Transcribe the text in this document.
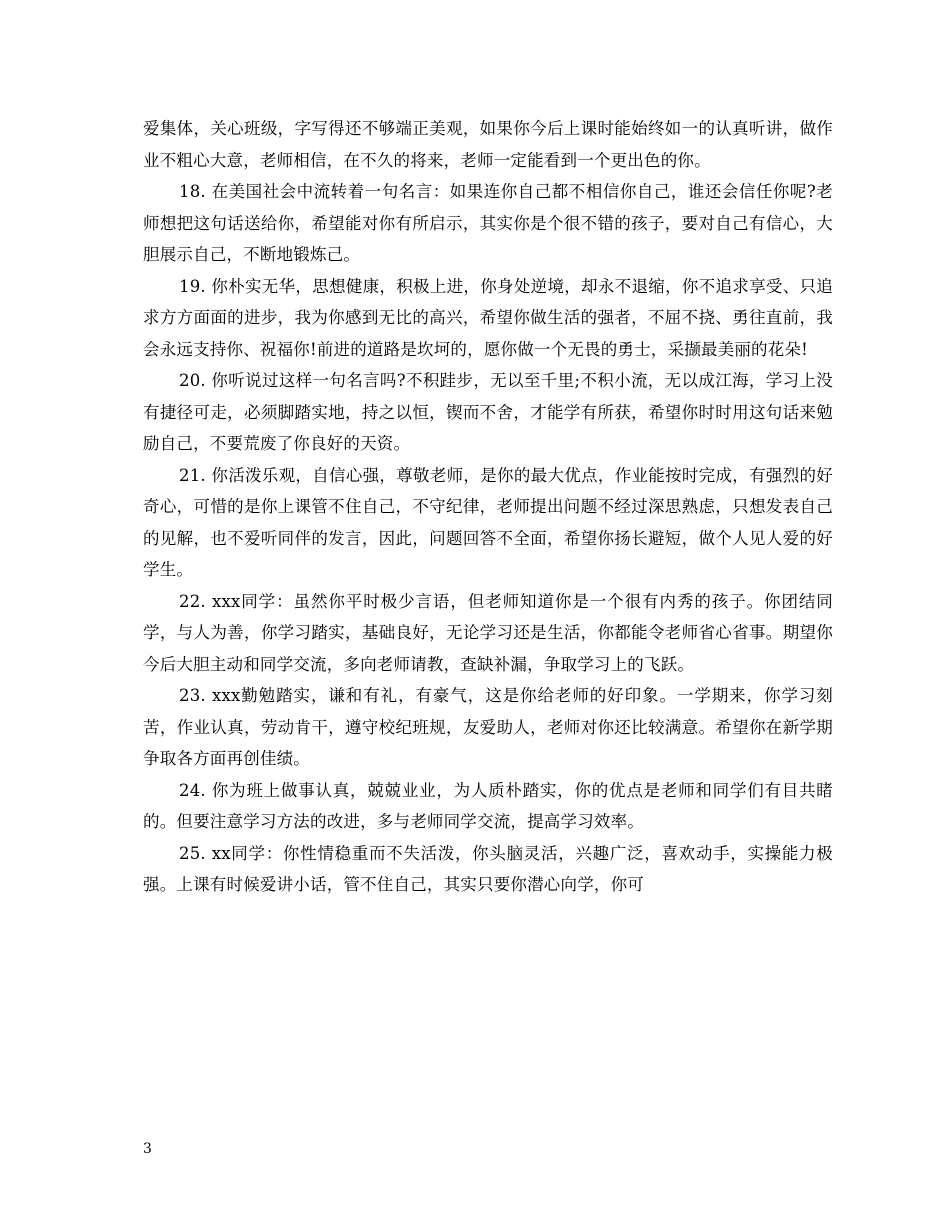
爱集体，关心班级，字写得还不够端正美观，如果你今后上课时能始终如一的认真听讲，做作业不粗心大意，老师相信，在不久的将来，老师一定能看到一个更出色的你。

18. 在美国社会中流转着一句名言：如果连你自己都不相信你自己，谁还会信任你呢?老师想把这句话送给你，希望能对你有所启示，其实你是个很不错的孩子，要对自己有信心，大胆展示自己，不断地锻炼己。

19. 你朴实无华，思想健康，积极上进，你身处逆境，却永不退缩，你不追求享受、只追求方方面面的进步，我为你感到无比的高兴，希望你做生活的强者，不屈不挠、勇往直前，我会永远支持你、祝福你!前进的道路是坎坷的，愿你做一个无畏的勇士，采撷最美丽的花朵!

20. 你听说过这样一句名言吗?不积跬步，无以至千里;不积小流，无以成江海，学习上没有捷径可走，必须脚踏实地，持之以恒，锲而不舍，才能学有所获，希望你时时用这句话来勉励自己，不要荒废了你良好的天资。

21. 你活泼乐观，自信心强，尊敬老师，是你的最大优点，作业能按时完成，有强烈的好奇心，可惜的是你上课管不住自己，不守纪律，老师提出问题不经过深思熟虑，只想发表自己的见解，也不爱听同伴的发言，因此，问题回答不全面，希望你扬长避短，做个人见人爱的好学生。

22. xxx同学：虽然你平时极少言语，但老师知道你是一个很有内秀的孩子。你团结同学，与人为善，你学习踏实，基础良好，无论学习还是生活，你都能令老师省心省事。期望你今后大胆主动和同学交流，多向老师请教，查缺补漏，争取学习上的飞跃。

23. xxx勤勉踏实，谦和有礼，有豪气，这是你给老师的好印象。一学期来，你学习刻苦，作业认真，劳动肯干，遵守校纪班规，友爱助人，老师对你还比较满意。希望你在新学期争取各方面再创佳绩。

24. 你为班上做事认真，兢兢业业，为人质朴踏实，你的优点是老师和同学们有目共睹的。但要注意学习方法的改进，多与老师同学交流，提高学习效率。

25. xx同学：你性情稳重而不失活泼，你头脑灵活，兴趣广泛，喜欢动手，实操能力极强。上课有时候爱讲小话，管不住自己，其实只要你潜心向学，你可

3
